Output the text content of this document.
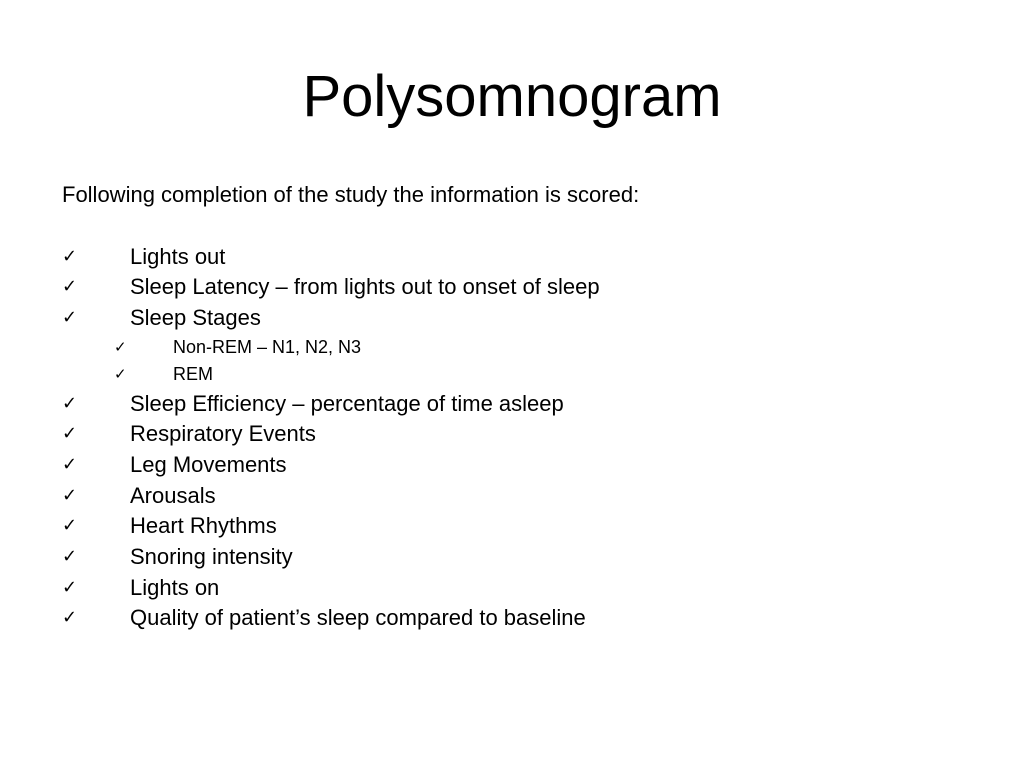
Polysomnogram
Following completion of the study the information is scored:
✓ Lights out
✓ Sleep Latency – from lights out to onset of sleep
✓ Sleep Stages
✓	Non-REM – N1, N2, N3
✓	REM
✓ Sleep Efficiency – percentage of time asleep
✓ Respiratory Events
✓ Leg Movements
✓ Arousals
✓ Heart Rhythms
✓ Snoring intensity
✓ Lights on
✓ Quality of patient’s sleep compared to baseline
